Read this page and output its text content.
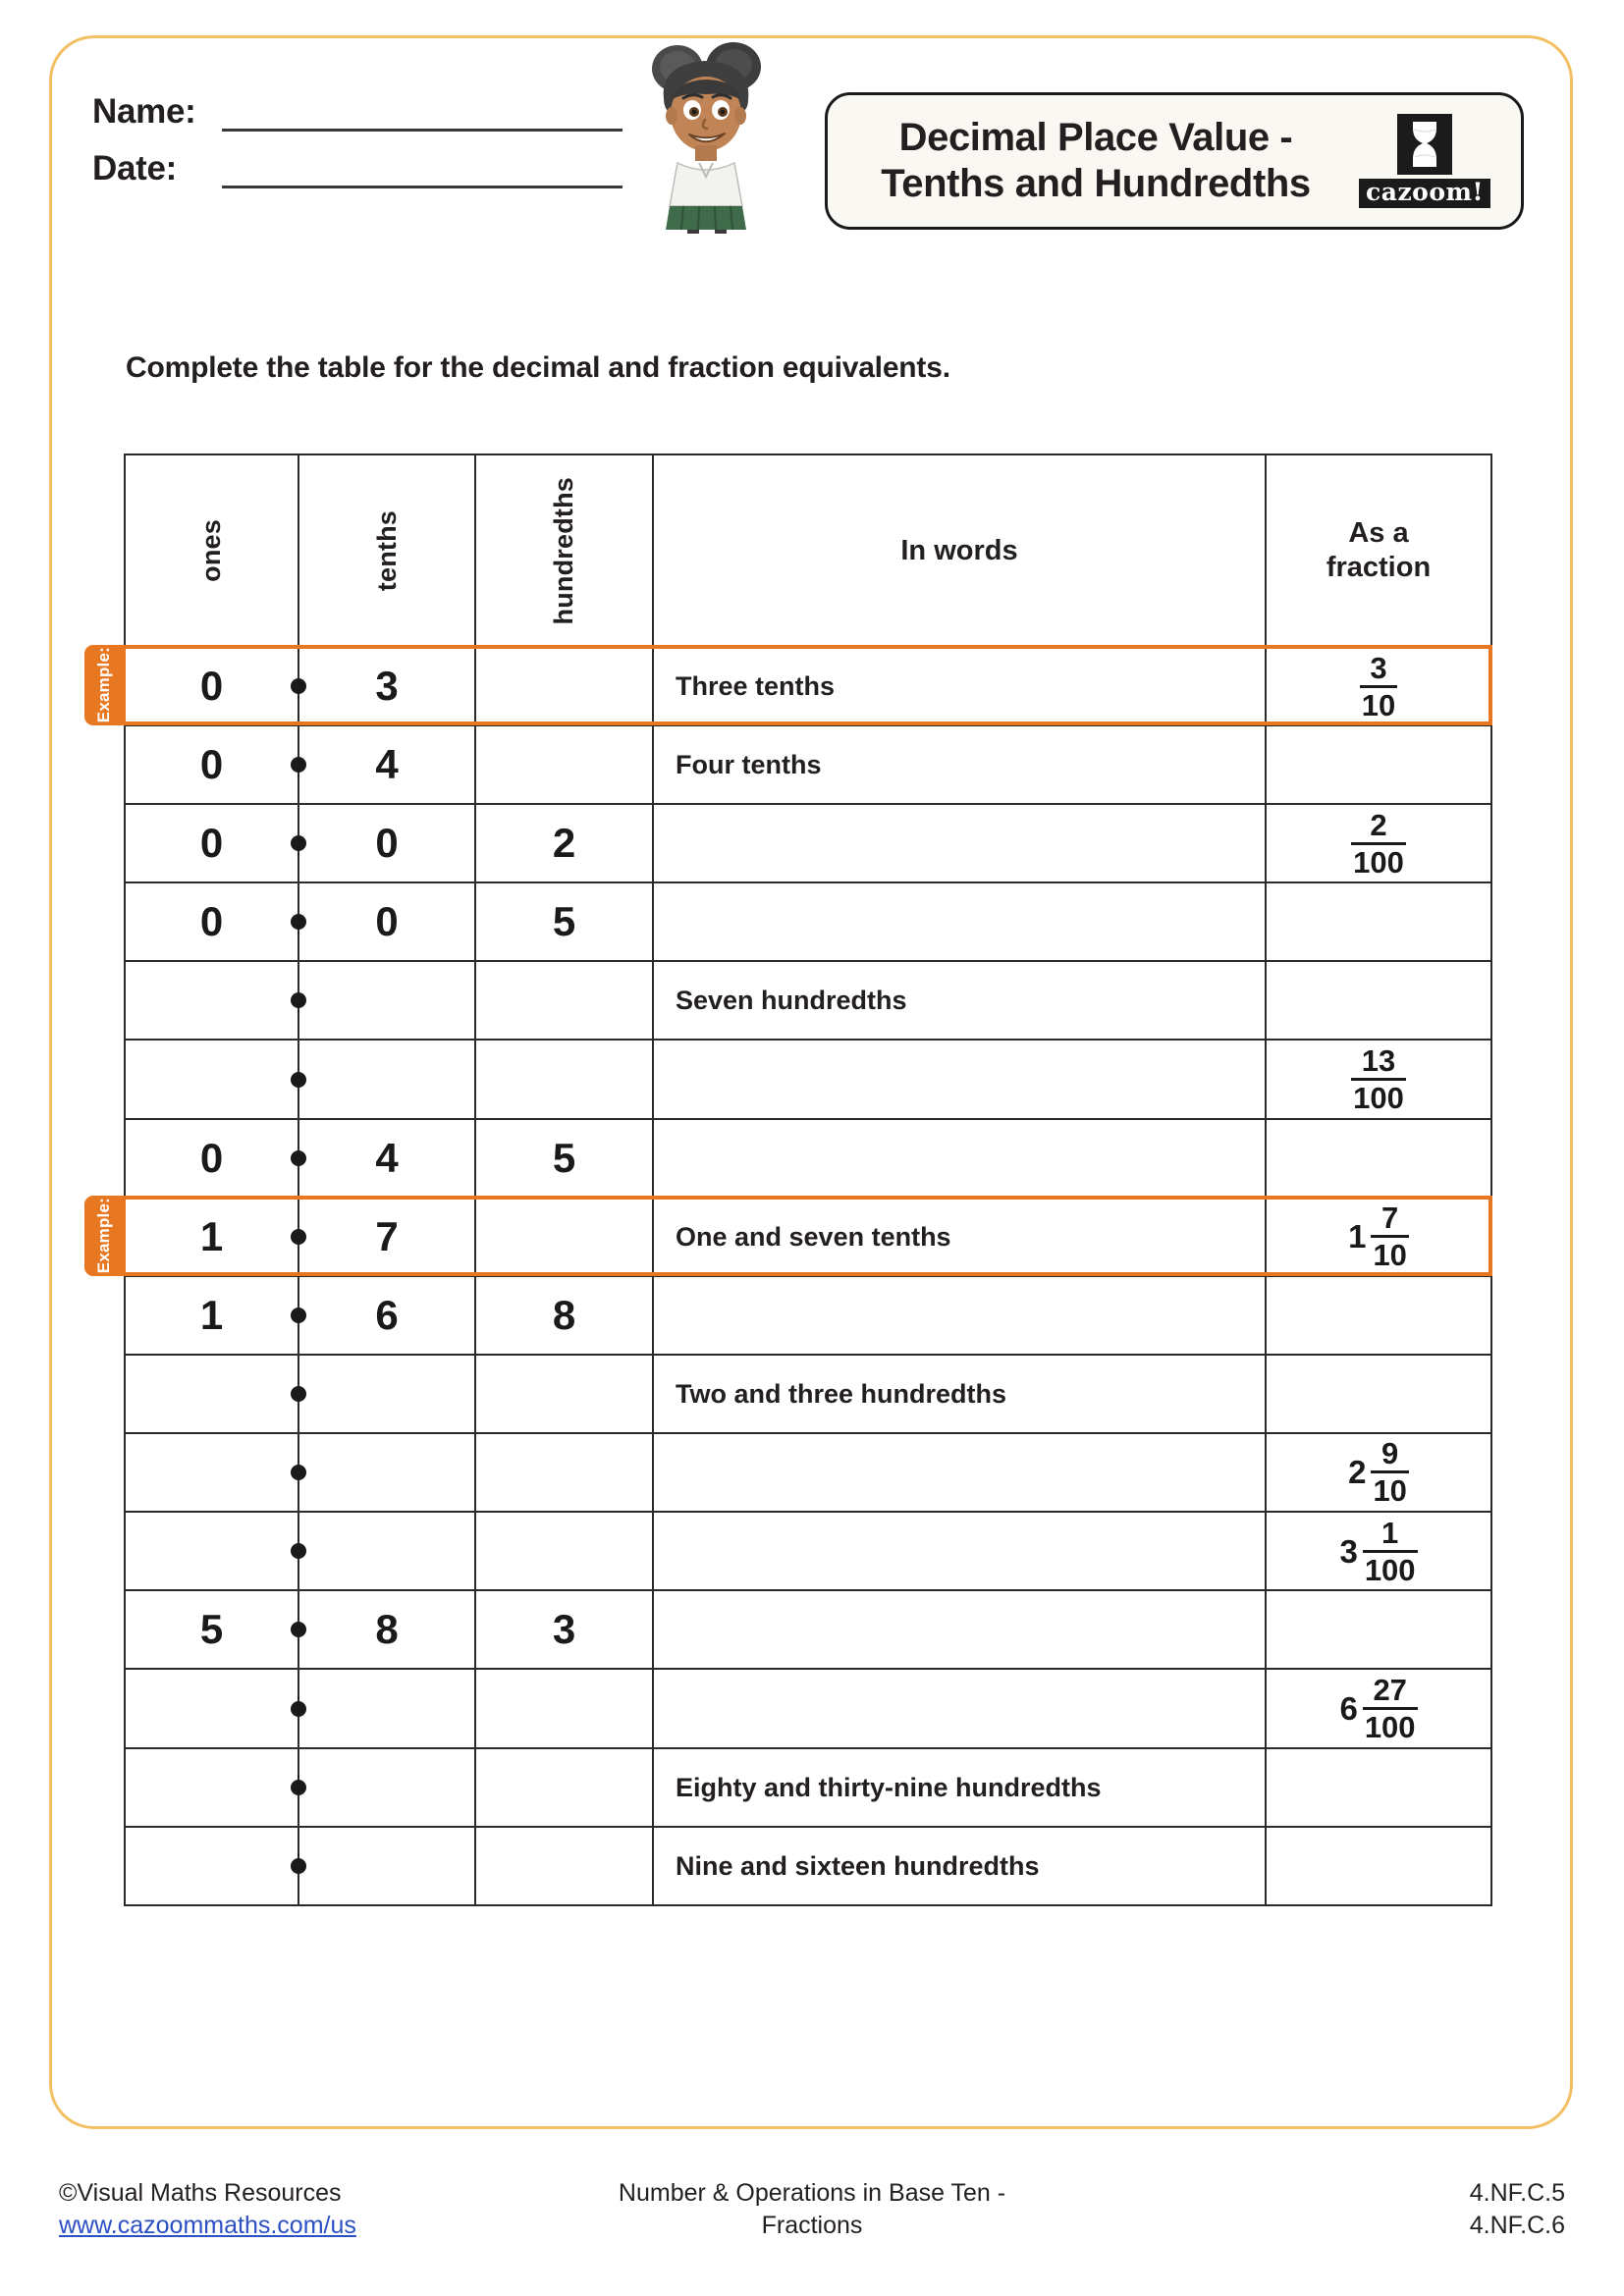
Name:
Date:
Decimal Place Value -
Tenths and Hundredths	cazoom!
Complete the table for the decimal and fraction equivalents.
ones	tenths	hundredths	In words	As a
fraction

0	3		Three tenths	$\frac{3}{10}$

0	4		Four tenths	

0	0	2		$\frac{2}{100}$

0	0	5		

			Seven hundredths	

				$\frac{13}{100}$

0	4	5		

1	7		One and seven tenths	$1 \frac{7}{10}$

1	6	8		

			Two and three hundredths	

				$2 \frac{9}{10}$

				$3 \frac{1}{100}$

5	8	3		

				$6 \frac{27}{100}$

			Eighty and thirty-nine hundredths	

			Nine and sixteen hundredths	

Example:
Example:
©Visual Maths Resources
www.cazoommaths.com/us
Number & Operations in Base Ten -
Fractions
4.NF.C.5
4.NF.C.6
